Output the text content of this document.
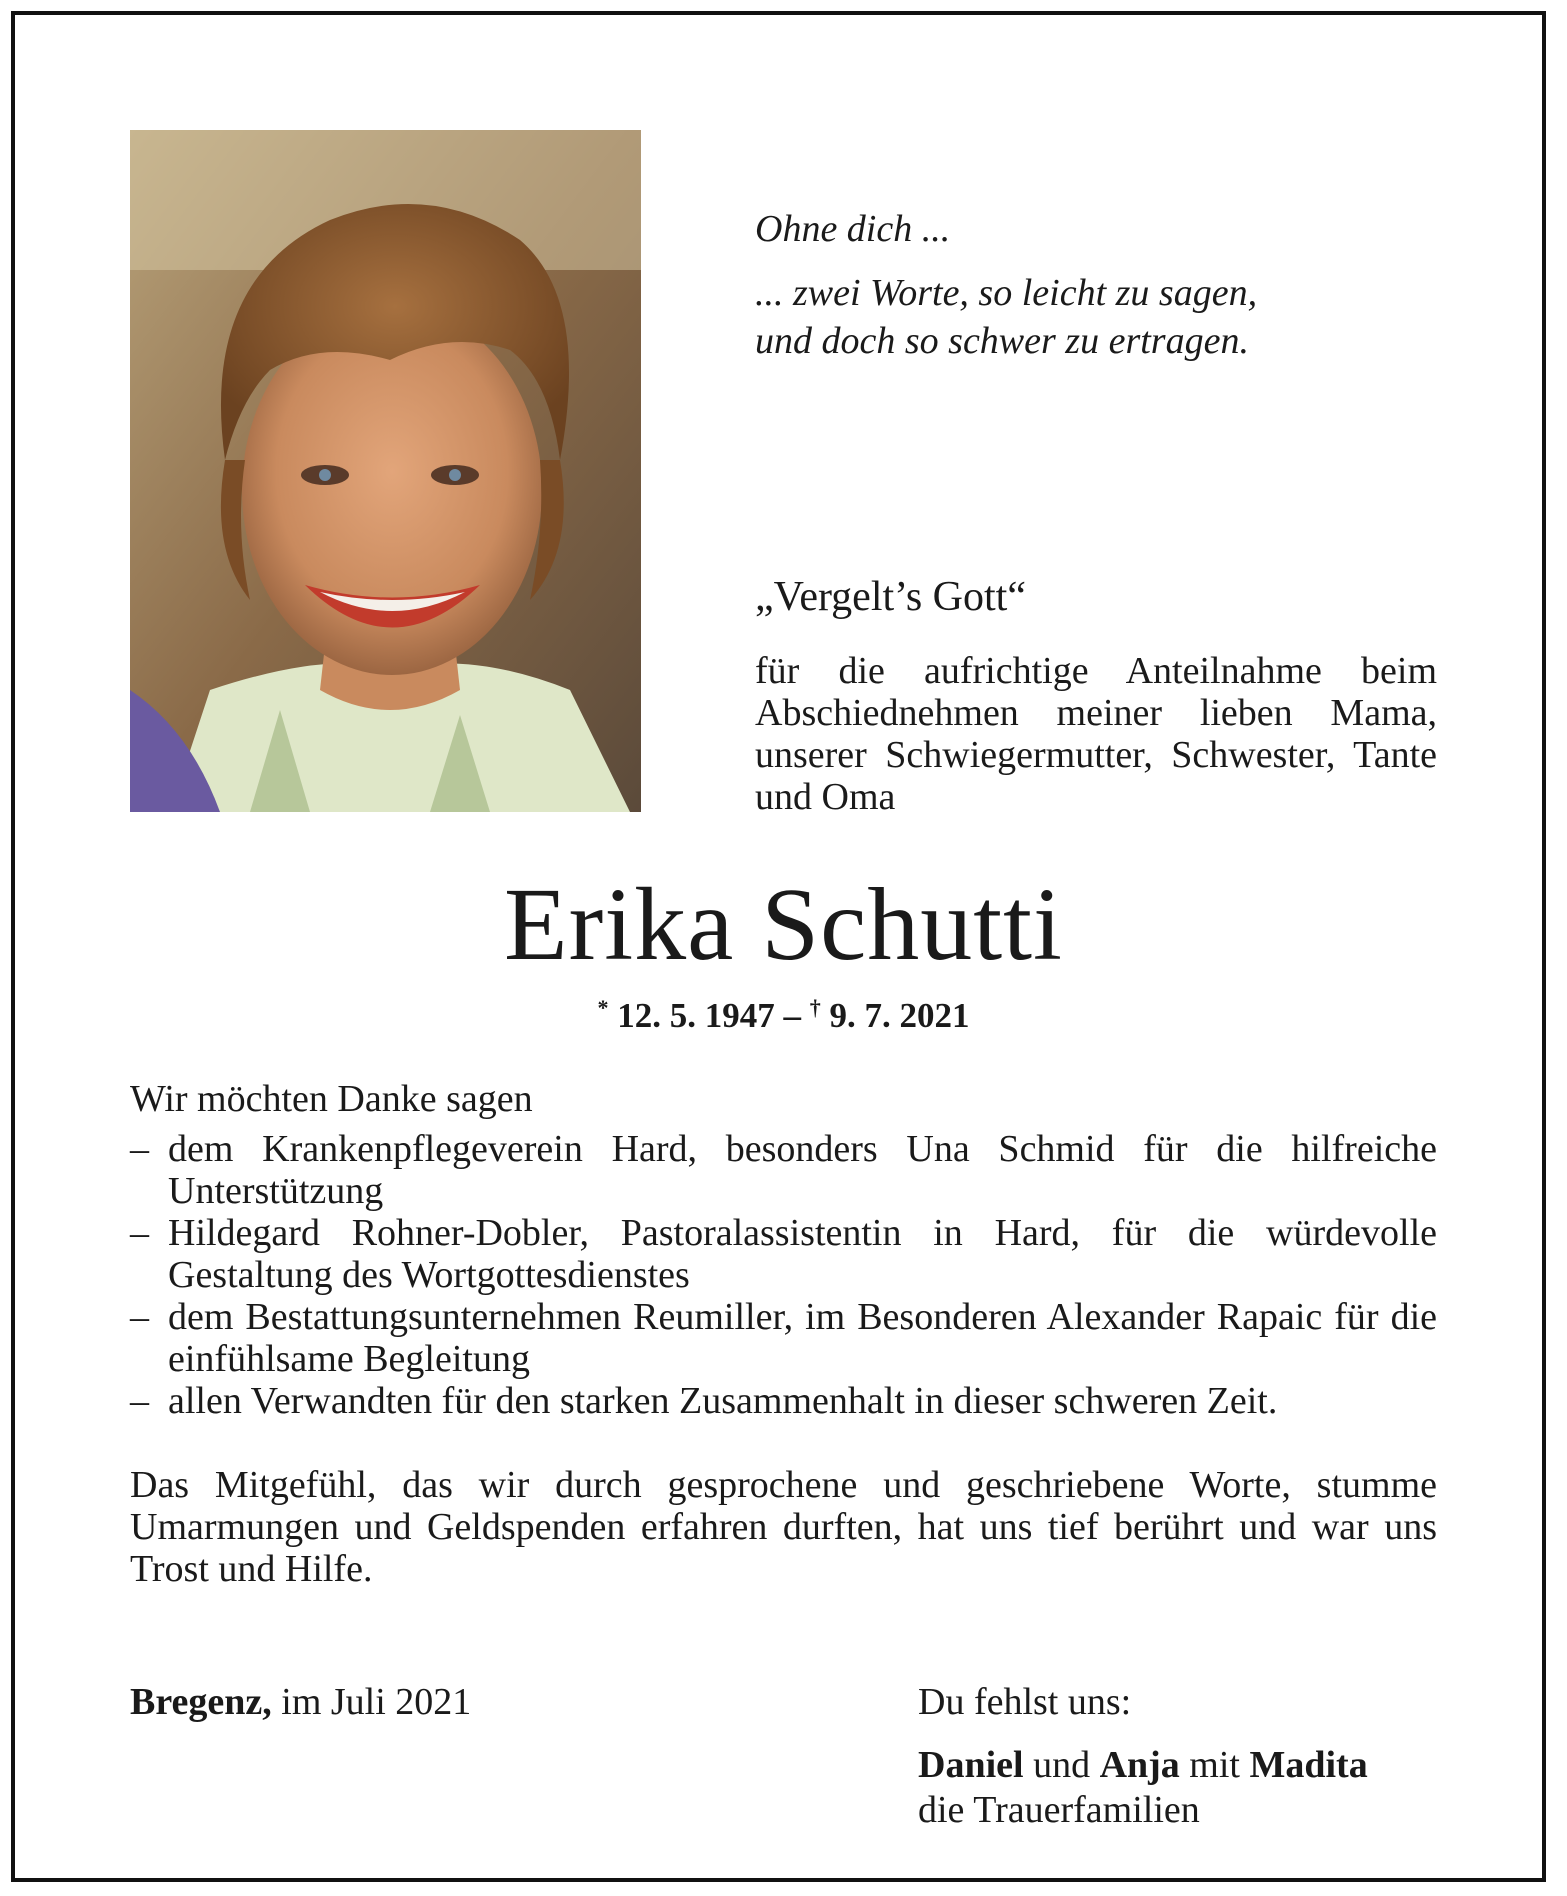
Ohne dich ...
... zwei Worte, so leicht zu sagen,
und doch so schwer zu ertragen.
„Vergelt’s Gott“
für die aufrichtige Anteilnahme beim Abschiednehmen meiner lieben Mama, unserer Schwiegermutter, Schwester, Tante und Oma
Erika Schutti
* 12. 5. 1947 – † 9. 7. 2021
Wir möchten Danke sagen
– dem Krankenpflegeverein Hard, besonders Una Schmid für die hilfreiche Unterstützung
– Hildegard Rohner-Dobler, Pastoralassistentin in Hard, für die würdevolle Gestaltung des Wortgottesdienstes
– dem Bestattungsunternehmen Reumiller, im Besonderen Alexander Rapaic für die einfühlsame Begleitung
– allen Verwandten für den starken Zusammenhalt in dieser schweren Zeit.
Das Mitgefühl, das wir durch gesprochene und geschriebene Worte, stumme Umarmungen und Geldspenden erfahren durften, hat uns tief berührt und war uns Trost und Hilfe.
Bregenz, im Juli 2021	Du fehlst uns:
Daniel und Anja mit Madita
die Trauerfamilien
